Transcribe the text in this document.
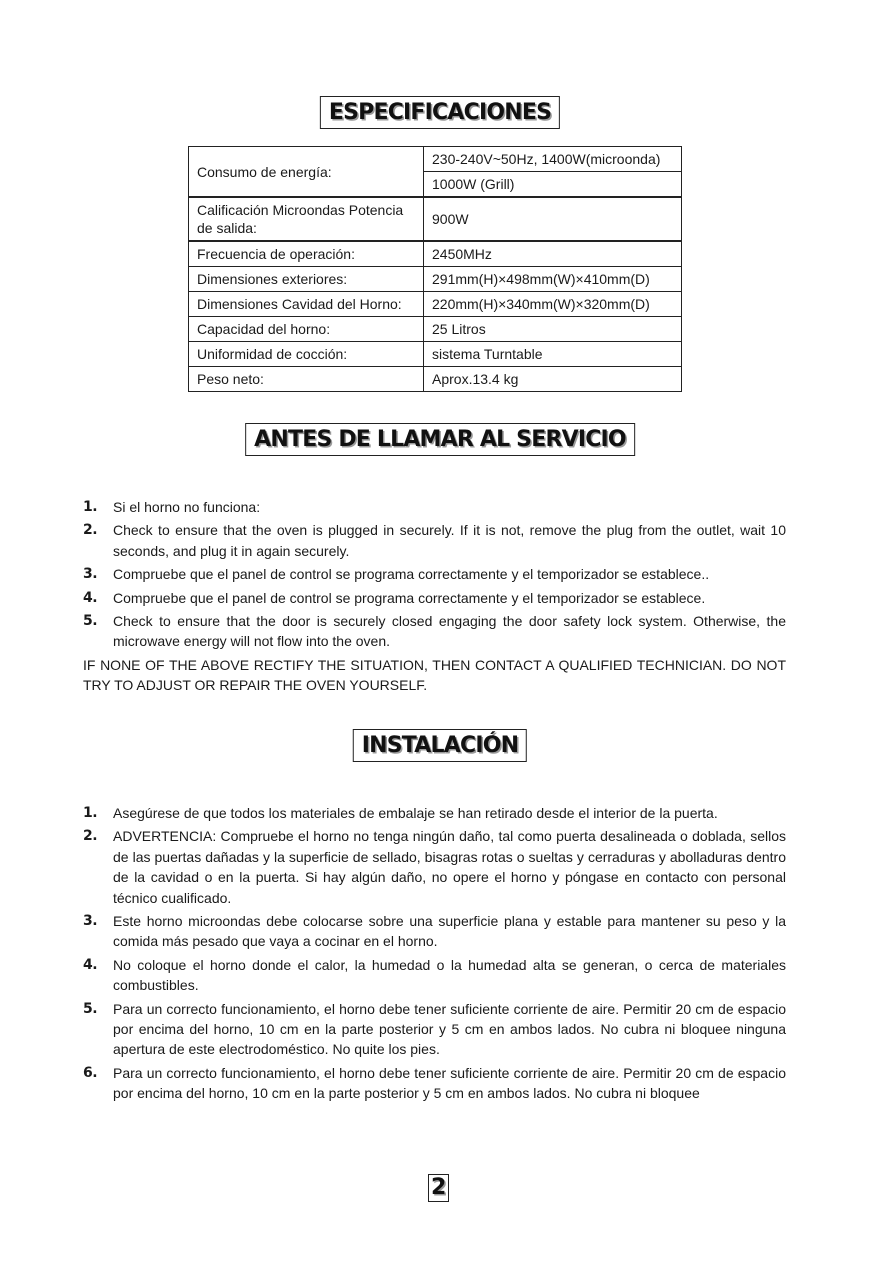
ESPECIFICACIONES
Consumo de energía:	230-240V~50Hz, 1400W(microonda)
	1000W (Grill)
Calificación Microondas Potencia de salida:	900W
Frecuencia de operación:	2450MHz
Dimensiones exteriores:	291mm(H)×498mm(W)×410mm(D)
Dimensiones Cavidad del Horno:	220mm(H)×340mm(W)×320mm(D)
Capacidad del horno:	25 Litros
Uniformidad de cocción:	sistema Turntable
Peso neto:	Aprox.13.4 kg
ANTES DE LLAMAR AL SERVICIO
1. Si el horno no funciona:
2. Check to ensure that the oven is plugged in securely. If it is not, remove the plug from the outlet, wait 10 seconds, and plug it in again securely.
3. Compruebe que el panel de control se programa correctamente y el temporizador se establece..
4. Compruebe que el panel de control se programa correctamente y el temporizador se establece.
5. Check to ensure that the door is securely closed engaging the door safety lock system. Otherwise, the microwave energy will not flow into the oven.
IF NONE OF THE ABOVE RECTIFY THE SITUATION, THEN CONTACT A QUALIFIED TECHNICIAN. DO NOT TRY TO ADJUST OR REPAIR THE OVEN YOURSELF.
INSTALACIÓN
1. Asegúrese de que todos los materiales de embalaje se han retirado desde el interior de la puerta.
2. ADVERTENCIA: Compruebe el horno no tenga ningún daño, tal como puerta desalineada o doblada, sellos de las puertas dañadas y la superficie de sellado, bisagras rotas o sueltas y cerraduras y abolladuras dentro de la cavidad o en la puerta. Si hay algún daño, no opere el horno y póngase en contacto con personal técnico cualificado.
3. Este horno microondas debe colocarse sobre una superficie plana y estable para mantener su peso y la comida más pesado que vaya a cocinar en el horno.
4. No coloque el horno donde el calor, la humedad o la humedad alta se generan, o cerca de materiales combustibles.
5. Para un correcto funcionamiento, el horno debe tener suficiente corriente de aire. Permitir 20 cm de espacio por encima del horno, 10 cm en la parte posterior y 5 cm en ambos lados. No cubra ni bloquee ninguna apertura de este electrodoméstico. No quite los pies.
6. Para un correcto funcionamiento, el horno debe tener suficiente corriente de aire. Permitir 20 cm de espacio por encima del horno, 10 cm en la parte posterior y 5 cm en ambos lados. No cubra ni bloquee
2
